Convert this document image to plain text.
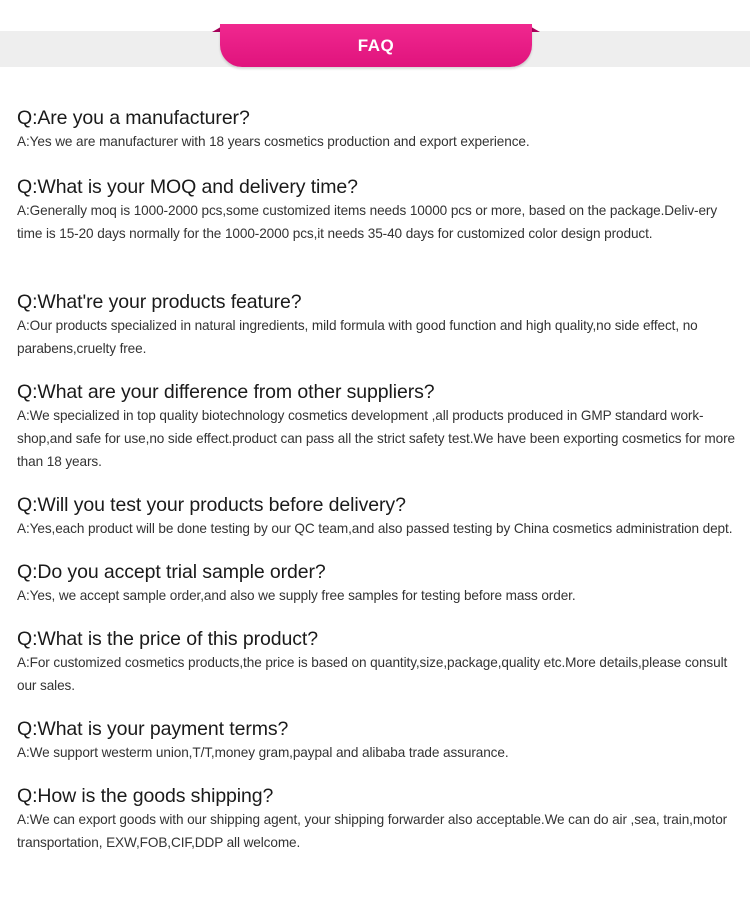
FAQ

Q:Are you a manufacturer?

A:Yes we are manufacturer with 18 years cosmetics production and export experience.

Q:What is your MOQ and delivery time?

A:Generally moq is 1000-2000 pcs,some customized items needs 10000 pcs or more, based on the package.Deliv-ery time is 15-20 days normally for the 1000-2000 pcs,it needs 35-40 days for customized color design product.

Q:What're your products feature?

A:Our products specialized in natural ingredients, mild formula with good function and high quality,no side effect, no parabens,cruelty free.

Q:What are your difference from other suppliers?

A:We specialized in top quality biotechnology cosmetics development ,all products produced in GMP standard work-shop,and safe for use,no side effect.product can pass all the strict safety test.We have been exporting cosmetics for more than 18 years.

Q:Will you test your products before delivery?

A:Yes,each product will be done testing by our QC team,and also passed testing by China cosmetics administration dept.

Q:Do you accept trial sample order?

A:Yes, we accept sample order,and also we supply free samples for testing before mass order.

Q:What is the price of this product?

A:For customized cosmetics products,the price is based on quantity,size,package,quality etc.More details,please consult our sales.

Q:What is your payment terms?

A:We support westerm union,T/T,money gram,paypal and alibaba trade assurance.

Q:How is the goods shipping?

A:We can export goods with our shipping agent, your shipping forwarder also acceptable.We can do air ,sea, train,motor transportation, EXW,FOB,CIF,DDP all welcome.
